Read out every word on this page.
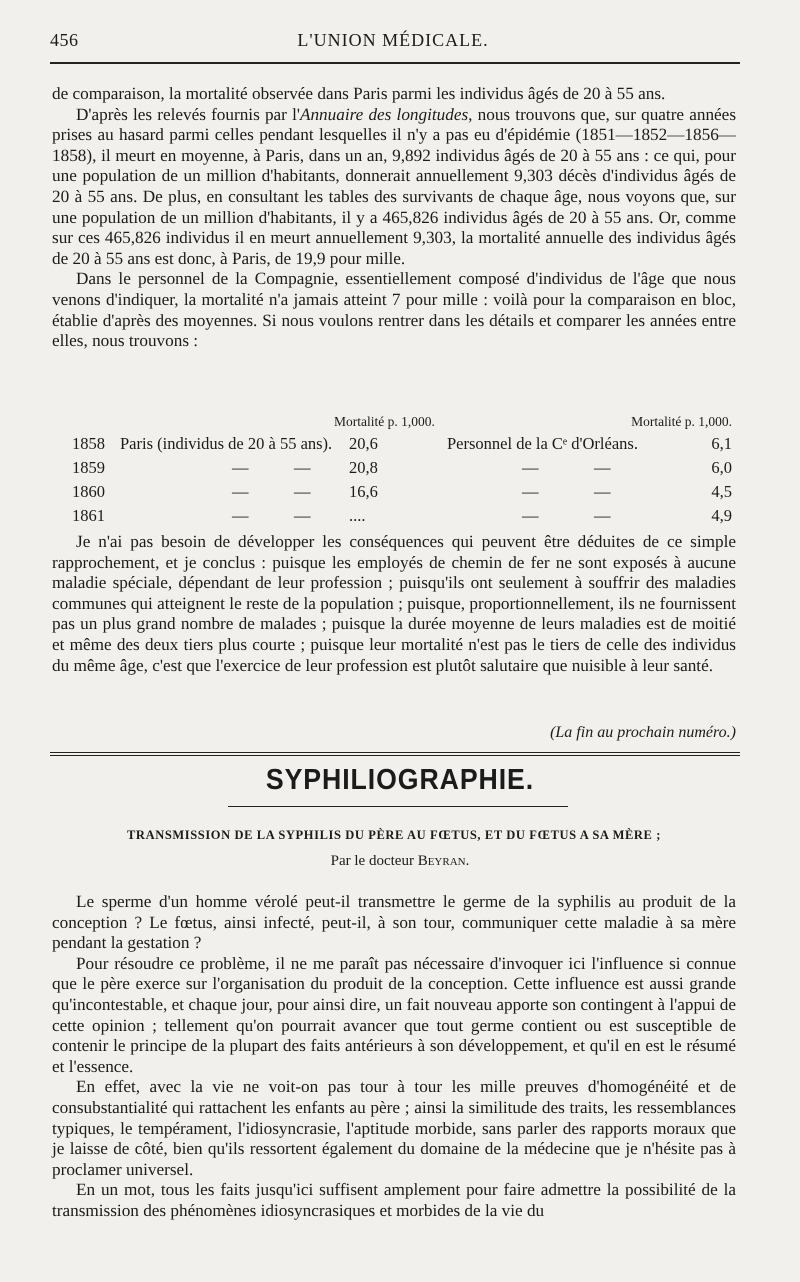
456	L'UNION MÉDICALE.

de comparaison, la mortalité observée dans Paris parmi les individus âgés de 20 à 55 ans.

D'après les relevés fournis par l'Annuaire des longitudes, nous trouvons que, sur quatre années prises au hasard parmi celles pendant lesquelles il n'y a pas eu d'épidémie (1851—1852—1856—1858), il meurt en moyenne, à Paris, dans un an, 9,892 individus âgés de 20 à 55 ans : ce qui, pour une population de un million d'habitants, donnerait annuellement 9,303 décès d'individus âgés de 20 à 55 ans. De plus, en consultant les tables des survivants de chaque âge, nous voyons que, sur une population de un million d'habitants, il y a 465,826 individus âgés de 20 à 55 ans. Or, comme sur ces 465,826 individus il en meurt annuellement 9,303, la mortalité annuelle des individus âgés de 20 à 55 ans est donc, à Paris, de 19,9 pour mille.

Dans le personnel de la Compagnie, essentiellement composé d'individus de l'âge que nous venons d'indiquer, la mortalité n'a jamais atteint 7 pour mille : voilà pour la comparaison en bloc, établie d'après des moyennes. Si nous voulons rentrer dans les détails et comparer les années entre elles, nous trouvons :

Mortalité p. 1,000.	Mortalité p. 1,000.
1858 Paris (individus de 20 à 55 ans). 20,6	Personnel de la Cᵉ d'Orléans.	6,1
1859	—	— 20,8	—	—	6,0
1860	—	— 16,6	—	—	4,5
1861	—	— ....	—	—	4,9

Je n'ai pas besoin de développer les conséquences qui peuvent être déduites de ce simple rapprochement, et je conclus : puisque les employés de chemin de fer ne sont exposés à aucune maladie spéciale, dépendant de leur profession ; puisqu'ils ont seulement à souffrir des maladies communes qui atteignent le reste de la population ; puisque, proportionnellement, ils ne fournissent pas un plus grand nombre de malades ; puisque la durée moyenne de leurs maladies est de moitié et même des deux tiers plus courte ; puisque leur mortalité n'est pas le tiers de celle des individus du même âge, c'est que l'exercice de leur profession est plutôt salutaire que nuisible à leur santé.

(La fin au prochain numéro.)
SYPHILIOGRAPHIE.
TRANSMISSION DE LA SYPHILIS DU PÈRE AU FŒTUS, ET DU FŒTUS A SA MÈRE ;
Par le docteur Beyran.

Le sperme d'un homme vérolé peut-il transmettre le germe de la syphilis au produit de la conception ? Le fœtus, ainsi infecté, peut-il, à son tour, communiquer cette maladie à sa mère pendant la gestation ?

Pour résoudre ce problème, il ne me paraît pas nécessaire d'invoquer ici l'influence si connue que le père exerce sur l'organisation du produit de la conception. Cette influence est aussi grande qu'incontestable, et chaque jour, pour ainsi dire, un fait nouveau apporte son contingent à l'appui de cette opinion ; tellement qu'on pourrait avancer que tout germe contient ou est susceptible de contenir le principe de la plupart des faits antérieurs à son développement, et qu'il en est le résumé et l'essence.

En effet, avec la vie ne voit-on pas tour à tour les mille preuves d'homogénéité et de consubstantialité qui rattachent les enfants au père ; ainsi la similitude des traits, les ressemblances typiques, le tempérament, l'idiosyncrasie, l'aptitude morbide, sans parler des rapports moraux que je laisse de côté, bien qu'ils ressortent également du domaine de la médecine que je n'hésite pas à proclamer universel.

En un mot, tous les faits jusqu'ici suffisent amplement pour faire admettre la possibilité de la transmission des phénomènes idiosyncrasiques et morbides de la vie du
